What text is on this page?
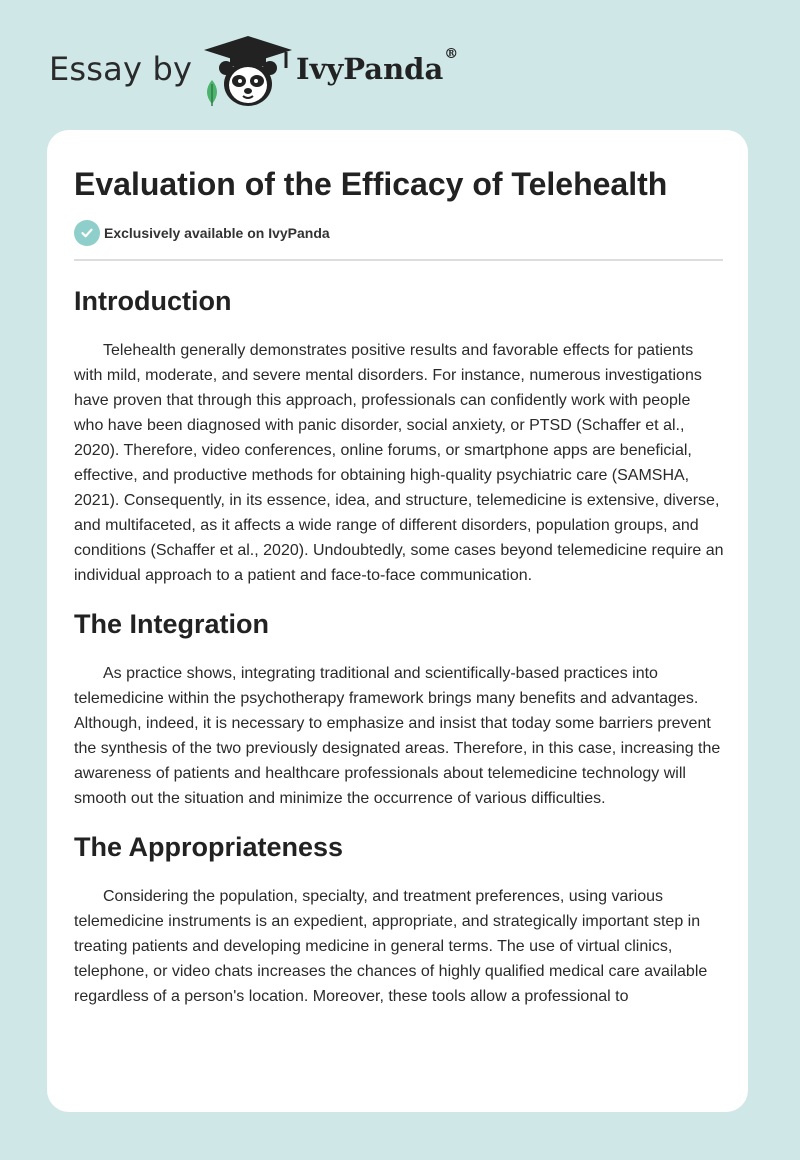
Essay by	IvyPanda®
Evaluation of the Efficacy of Telehealth
Exclusively available on IvyPanda
Introduction

Telehealth generally demonstrates positive results and favorable effects for patients with mild, moderate, and severe mental disorders. For instance, numerous investigations have proven that through this approach, professionals can confidently work with people who have been diagnosed with panic disorder, social anxiety, or PTSD (Schaffer et al., 2020). Therefore, video conferences, online forums, or smartphone apps are beneficial, effective, and productive methods for obtaining high-quality psychiatric care (SAMSHA, 2021). Consequently, in its essence, idea, and structure, telemedicine is extensive, diverse, and multifaceted, as it affects a wide range of different disorders, population groups, and conditions (Schaffer et al., 2020). Undoubtedly, some cases beyond telemedicine require an individual approach to a patient and face-to-face communication.

The Integration

As practice shows, integrating traditional and scientifically-based practices into telemedicine within the psychotherapy framework brings many benefits and advantages. Although, indeed, it is necessary to emphasize and insist that today some barriers prevent the synthesis of the two previously designated areas. Therefore, in this case, increasing the awareness of patients and healthcare professionals about telemedicine technology will smooth out the situation and minimize the occurrence of various difficulties.

The Appropriateness

Considering the population, specialty, and treatment preferences, using various telemedicine instruments is an expedient, appropriate, and strategically important step in treating patients and developing medicine in general terms. The use of virtual clinics, telephone, or video chats increases the chances of highly qualified medical care available regardless of a person's location. Moreover, these tools allow a professional to
